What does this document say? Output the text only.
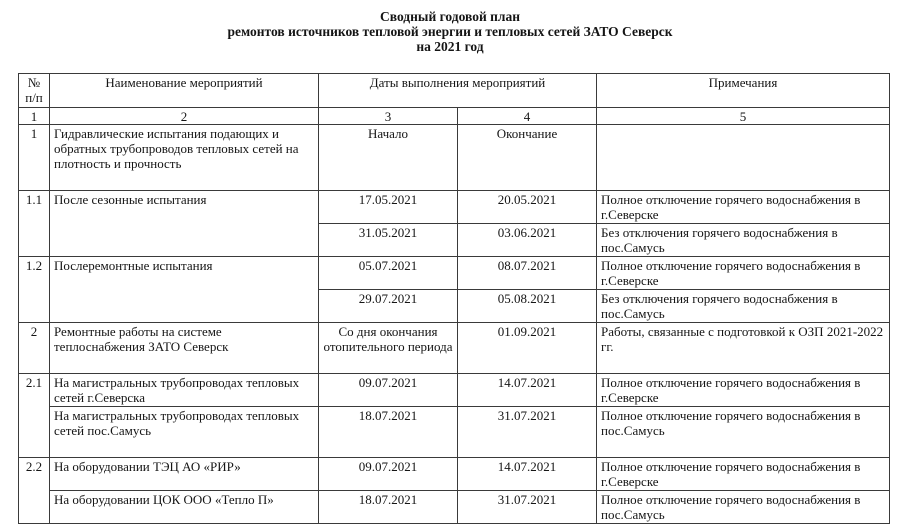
Сводный годовой план
ремонтов источников тепловой энергии и тепловых сетей ЗАТО Северск
на 2021 год
№ п/п	Наименование мероприятий	Даты выполнения мероприятий		Примечания
1	2	3	4	5
1	Гидравлические испытания подающих и обратных трубопроводов тепловых сетей на плотность и прочность	Начало	Окончание	
1.1	После сезонные испытания	17.05.2021	20.05.2021	Полное отключение горячего водоснабжения в г.Северске
		31.05.2021	03.06.2021	Без отключения горячего водоснабжения в пос.Самусь
1.2	Послеремонтные испытания	05.07.2021	08.07.2021	Полное отключение горячего водоснабжения в г.Северске
		29.07.2021	05.08.2021	Без отключения горячего водоснабжения в пос.Самусь
2	Ремонтные работы на системе теплоснабжения ЗАТО Северск	Со дня окончания отопительного периода	01.09.2021	Работы, связанные с подготовкой к ОЗП 2021-2022 гг.
2.1	На магистральных трубопроводах тепловых сетей г.Северска	09.07.2021	14.07.2021	Полное отключение горячего водоснабжения в г.Северске
	На магистральных трубопроводах тепловых сетей пос.Самусь	18.07.2021	31.07.2021	Полное отключение горячего водоснабжения в пос.Самусь
2.2	На оборудовании ТЭЦ АО «РИР»	09.07.2021	14.07.2021	Полное отключение горячего водоснабжения в г.Северске
	На оборудовании ЦОК ООО «Тепло П»	18.07.2021	31.07.2021	Полное отключение горячего водоснабжения в пос.Самусь
